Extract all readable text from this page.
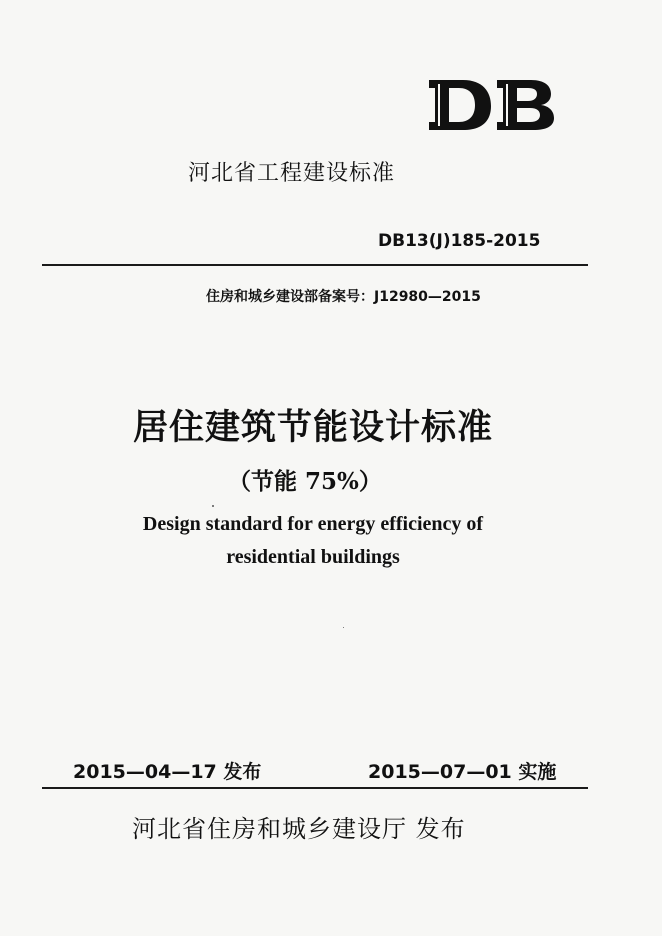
河北省工程建设标准
DB13(J)185-2015
住房和城乡建设部备案号：J12980—2015
居住建筑节能设计标准
（节能 75%）
Design standard for energy efficiency of
residential buildings
2015—04—17 发布	2015—07—01 实施
河北省住房和城乡建设厅 发布
